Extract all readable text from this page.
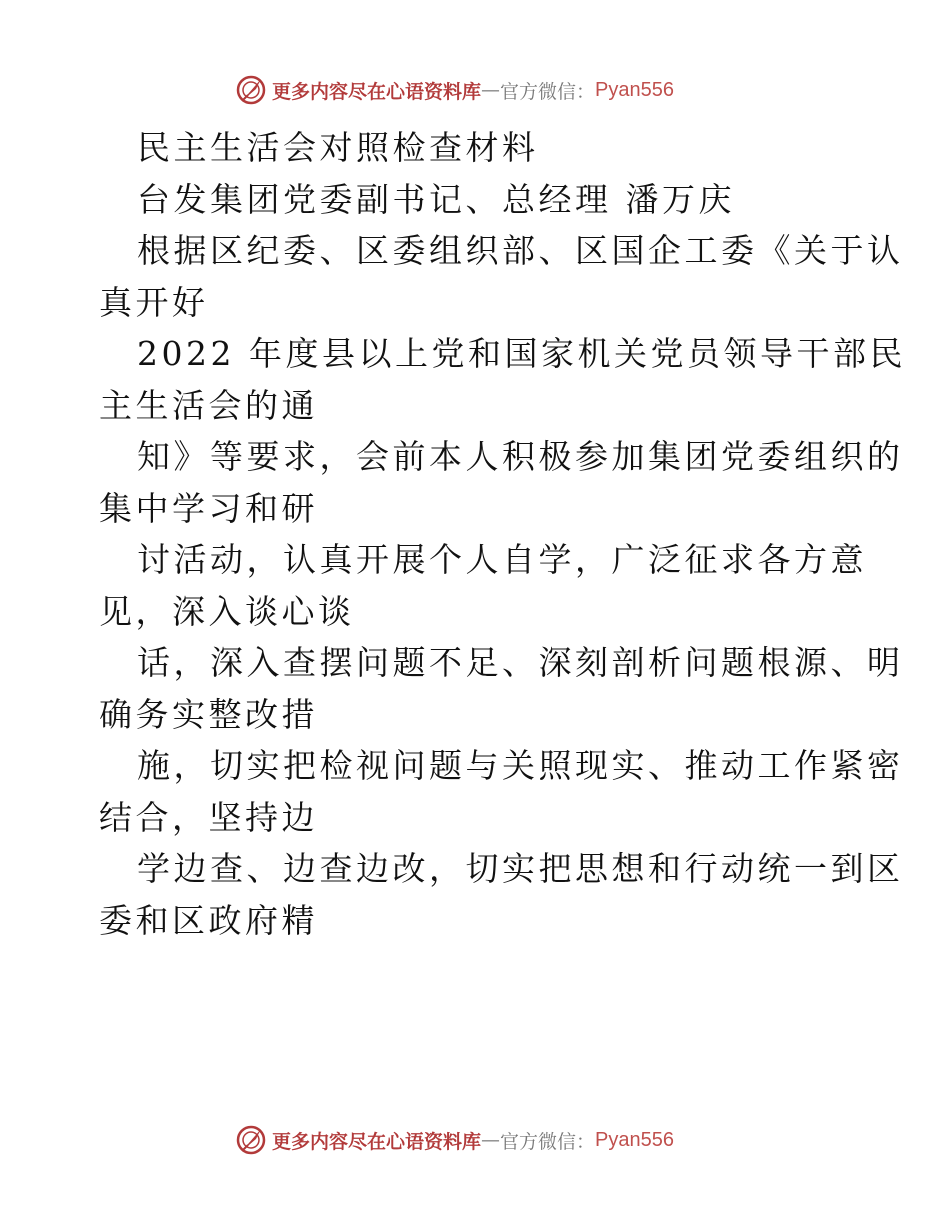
更多内容尽在心语资料库 — 官方微信： Pyan556
民主生活会对照检查材料
台发集团党委副书记、总经理 潘万庆
根据区纪委、区委组织部、区国企工委《关于认
真开好
2022 年度县以上党和国家机关党员领导干部民
主生活会的通
知》等要求，会前本人积极参加集团党委组织的
集中学习和研
讨活动，认真开展个人自学，广泛征求各方意
见，深入谈心谈
话，深入查摆问题不足、深刻剖析问题根源、明
确务实整改措
施，切实把检视问题与关照现实、推动工作紧密
结合，坚持边
学边查、边查边改，切实把思想和行动统一到区
委和区政府精
更多内容尽在心语资料库 — 官方微信： Pyan556
